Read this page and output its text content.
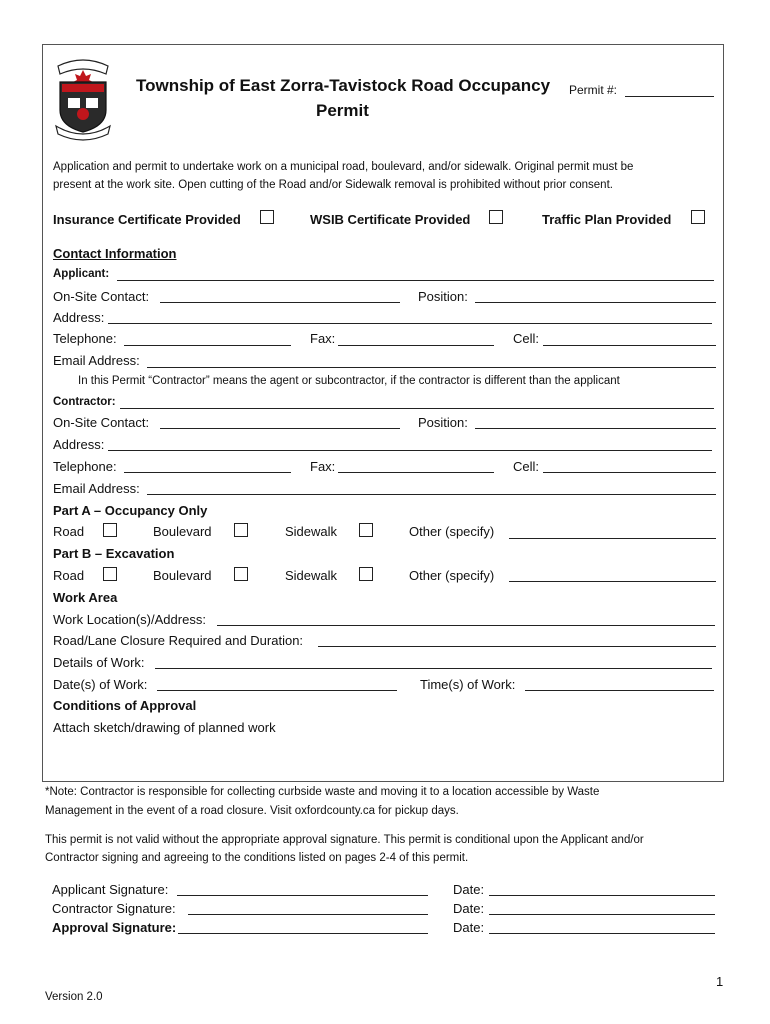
Township of East Zorra-Tavistock Road Occupancy
Permit
Permit #:
Application and permit to undertake work on a municipal road, boulevard, and/or sidewalk. Original permit must be
present at the work site. Open cutting of the Road and/or Sidewalk removal is prohibited without prior consent.
Insurance Certificate Provided	WSIB Certificate Provided	Traffic Plan Provided
Contact Information
Applicant:
On-Site Contact:	Position:
Address:
Telephone:	Fax:	Cell:
Email Address:
In this Permit “Contractor” means the agent or subcontractor, if the contractor is different than the applicant
Contractor:
On-Site Contact:	Position:
Address:
Telephone:	Fax:	Cell:
Email Address:
Part A – Occupancy Only
Road	Boulevard	Sidewalk	Other (specify)
Part B – Excavation
Road	Boulevard	Sidewalk	Other (specify)
Work Area
Work Location(s)/Address:
Road/Lane Closure Required and Duration:
Details of Work:
Date(s) of Work:	Time(s) of Work:
Conditions of Approval
Attach sketch/drawing of planned work
*Note: Contractor is responsible for collecting curbside waste and moving it to a location accessible by Waste
Management in the event of a road closure. Visit oxfordcounty.ca for pickup days.
This permit is not valid without the appropriate approval signature. This permit is conditional upon the Applicant and/or
Contractor signing and agreeing to the conditions listed on pages 2-4 of this permit.
Applicant Signature:	Date:
Contractor Signature:	Date:
Approval Signature:	Date:
1
Version 2.0
